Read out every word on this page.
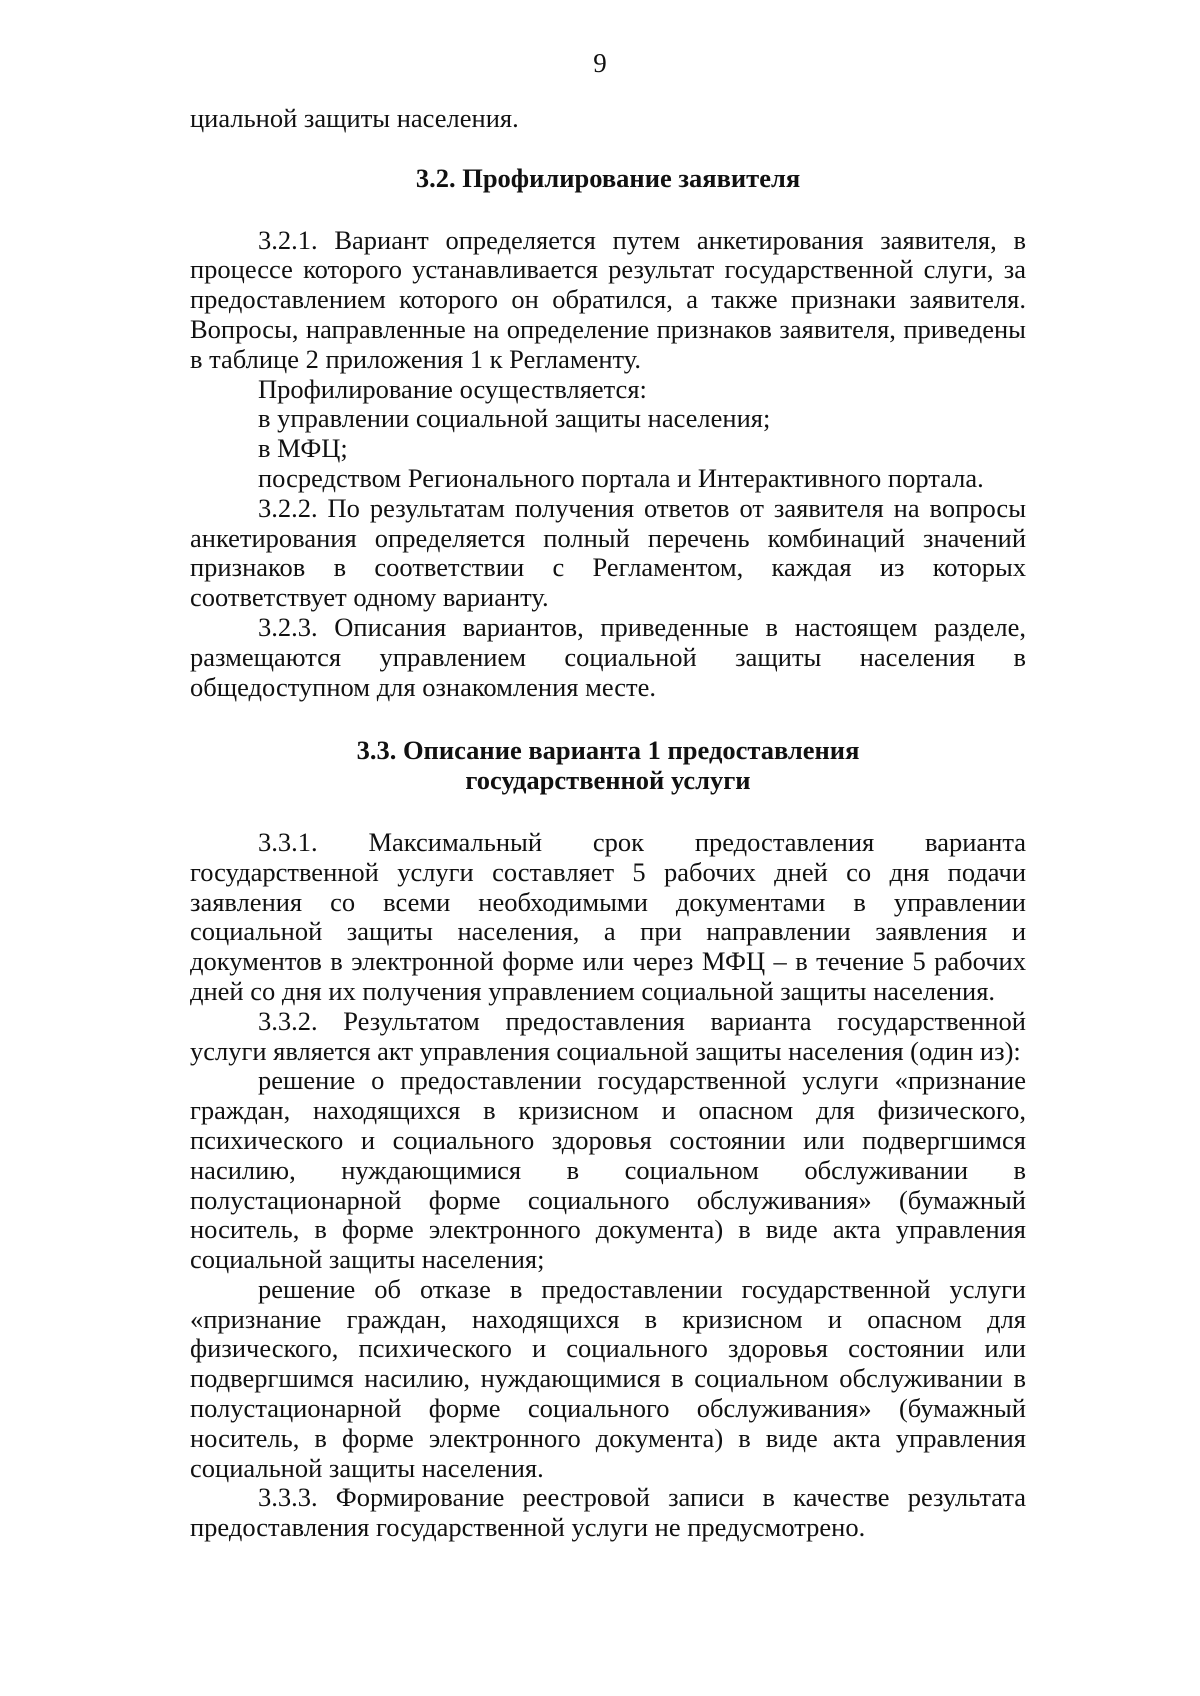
9

циальной защиты населения.

3.2. Профилирование заявителя

3.2.1. Вариант определяется путем анкетирования заявителя, в процессе которого устанавливается результат государственной слуги, за предоставлением которого он обратился, а также признаки заявителя. Вопросы, направленные на определение признаков заявителя, приведены в таблице 2 приложения 1 к Регламенту.

Профилирование осуществляется:

в управлении социальной защиты населения;

в МФЦ;

посредством Регионального портала и Интерактивного портала.

3.2.2. По результатам получения ответов от заявителя на вопросы анкетирования определяется полный перечень комбинаций значений признаков в соответствии с Регламентом, каждая из которых соответствует одному варианту.

3.2.3. Описания вариантов, приведенные в настоящем разделе, размещаются управлением социальной защиты населения в общедоступном для ознакомления месте.

3.3. Описание варианта 1 предоставления
государственной услуги

3.3.1. Максимальный срок предоставления варианта государственной услуги составляет 5 рабочих дней со дня подачи заявления со всеми необходимыми документами в управлении социальной защиты населения, а при направлении заявления и документов в электронной форме или через МФЦ – в течение 5 рабочих дней со дня их получения управлением социальной защиты населения.

3.3.2. Результатом предоставления варианта государственной услуги является акт управления социальной защиты населения (один из):

решение о предоставлении государственной услуги «признание граждан, находящихся в кризисном и опасном для физического, психического и социального здоровья состоянии или подвергшимся насилию, нуждающимися в социальном обслуживании в полустационарной форме социального обслуживания» (бумажный носитель, в форме электронного документа) в виде акта управления социальной защиты населения;

решение об отказе в предоставлении государственной услуги «признание граждан, находящихся в кризисном и опасном для физического, психического и социального здоровья состоянии или подвергшимся насилию, нуждающимися в социальном обслуживании в полустационарной форме социального обслуживания» (бумажный носитель, в форме электронного документа) в виде акта управления социальной защиты населения.

3.3.3. Формирование реестровой записи в качестве результата предоставления государственной услуги не предусмотрено.
